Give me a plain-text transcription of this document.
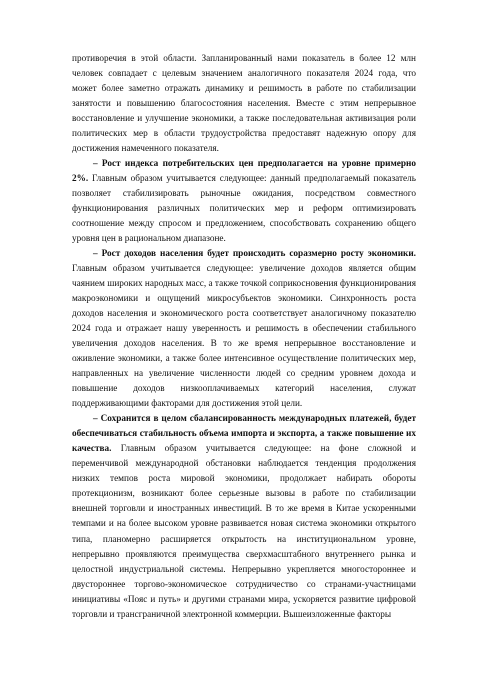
противоречия в этой области. Запланированный нами показатель в более 12 млн человек совпадает с целевым значением аналогичного показателя 2024 года, что может более заметно отражать динамику и решимость в работе по стабилизации занятости и повышению благосостояния населения. Вместе с этим непрерывное восстановление и улучшение экономики, а также последовательная активизация роли политических мер в области трудоустройства предоставят надежную опору для достижения намеченного показателя.

– Рост индекса потребительских цен предполагается на уровне примерно 2%. Главным образом учитывается следующее: данный предполагаемый показатель позволяет стабилизировать рыночные ожидания, посредством совместного функционирования различных политических мер и реформ оптимизировать соотношение между спросом и предложением, способствовать сохранению общего уровня цен в рациональном диапазоне.

– Рост доходов населения будет происходить соразмерно росту экономики. Главным образом учитывается следующее: увеличение доходов является общим чаянием широких народных масс, а также точкой соприкосновения функционирования макроэкономики и ощущений микросубъектов экономики. Синхронность роста доходов населения и экономического роста соответствует аналогичному показателю 2024 года и отражает нашу уверенность и решимость в обеспечении стабильного увеличения доходов населения. В то же время непрерывное восстановление и оживление экономики, а также более интенсивное осуществление политических мер, направленных на увеличение численности людей со средним уровнем дохода и повышение доходов низкооплачиваемых категорий населения, служат поддерживающими факторами для достижения этой цели.

– Сохранится в целом сбалансированность международных платежей, будет обеспечиваться стабильность объема импорта и экспорта, а также повышение их качества. Главным образом учитывается следующее: на фоне сложной и переменчивой международной обстановки наблюдается тенденция продолжения низких темпов роста мировой экономики, продолжает набирать обороты протекционизм, возникают более серьезные вызовы в работе по стабилизации внешней торговли и иностранных инвестиций. В то же время в Китае ускоренными темпами и на более высоком уровне развивается новая система экономики открытого типа, планомерно расширяется открытость на институциональном уровне, непрерывно проявляются преимущества сверхмасштабного внутреннего рынка и целостной индустриальной системы. Непрерывно укрепляется многостороннее и двустороннее торгово-экономическое сотрудничество со странами-участницами инициативы «Пояс и путь» и другими странами мира, ускоряется развитие цифровой торговли и трансграничной электронной коммерции. Вышеизложенные факторы
